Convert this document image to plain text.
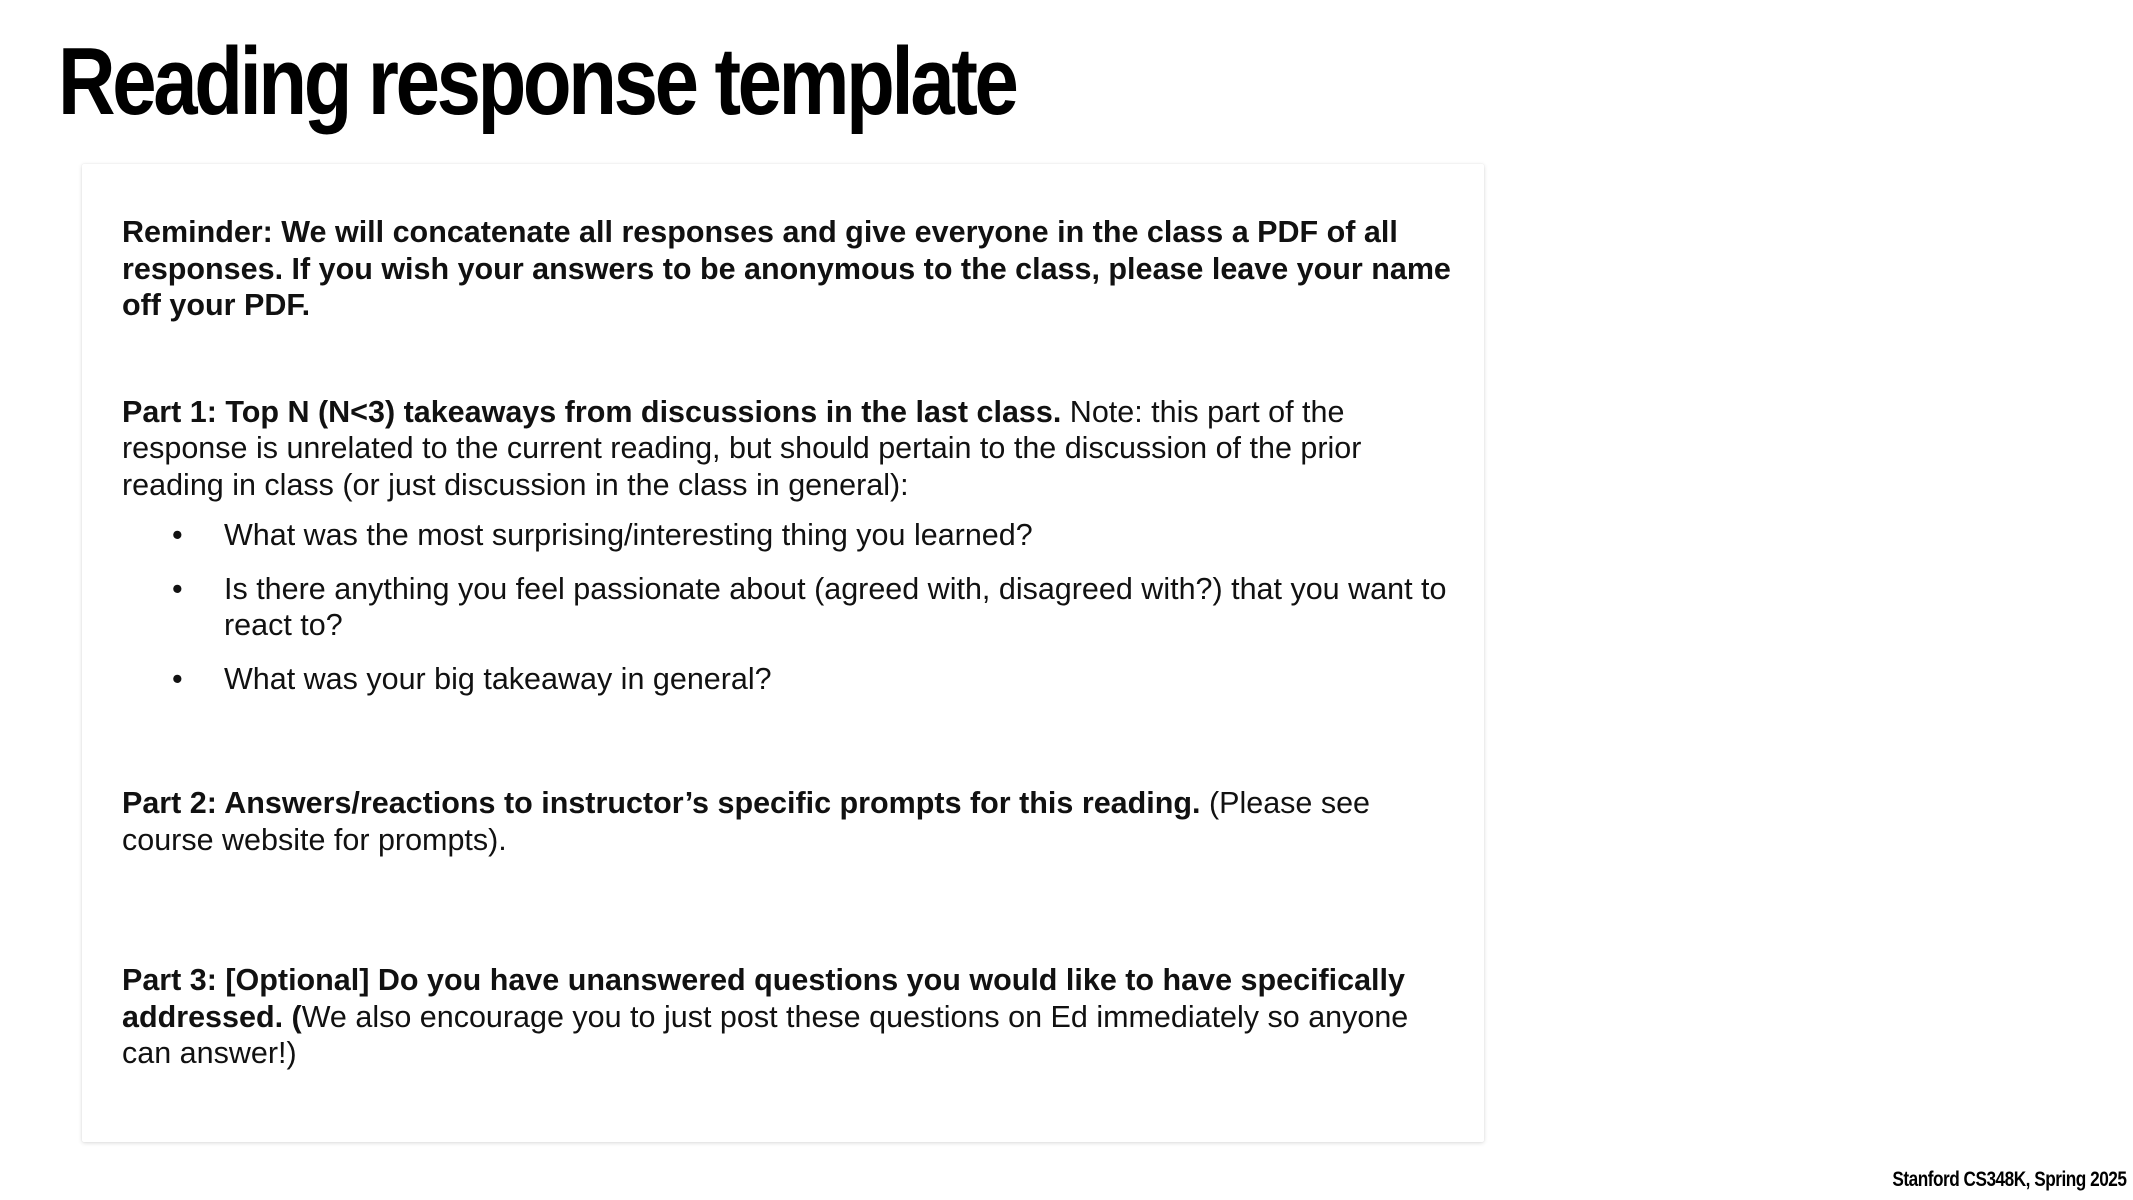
Reading response template

Reminder: We will concatenate all responses and give everyone in the class a PDF of all responses. If you wish your answers to be anonymous to the class, please leave your name off your PDF.

Part 1: Top N (N<3) takeaways from discussions in the last class. Note: this part of the response is unrelated to the current reading, but should pertain to the discussion of the prior reading in class (or just discussion in the class in general):

• What was the most surprising/interesting thing you learned?
• Is there anything you feel passionate about (agreed with, disagreed with?) that you want to react to?
• What was your big takeaway in general?

Part 2: Answers/reactions to instructor’s specific prompts for this reading. (Please see course website for prompts).

Part 3: [Optional] Do you have unanswered questions you would like to have specifically addressed. (We also encourage you to just post these questions on Ed immediately so anyone can answer!)

Stanford CS348K, Spring 2025
